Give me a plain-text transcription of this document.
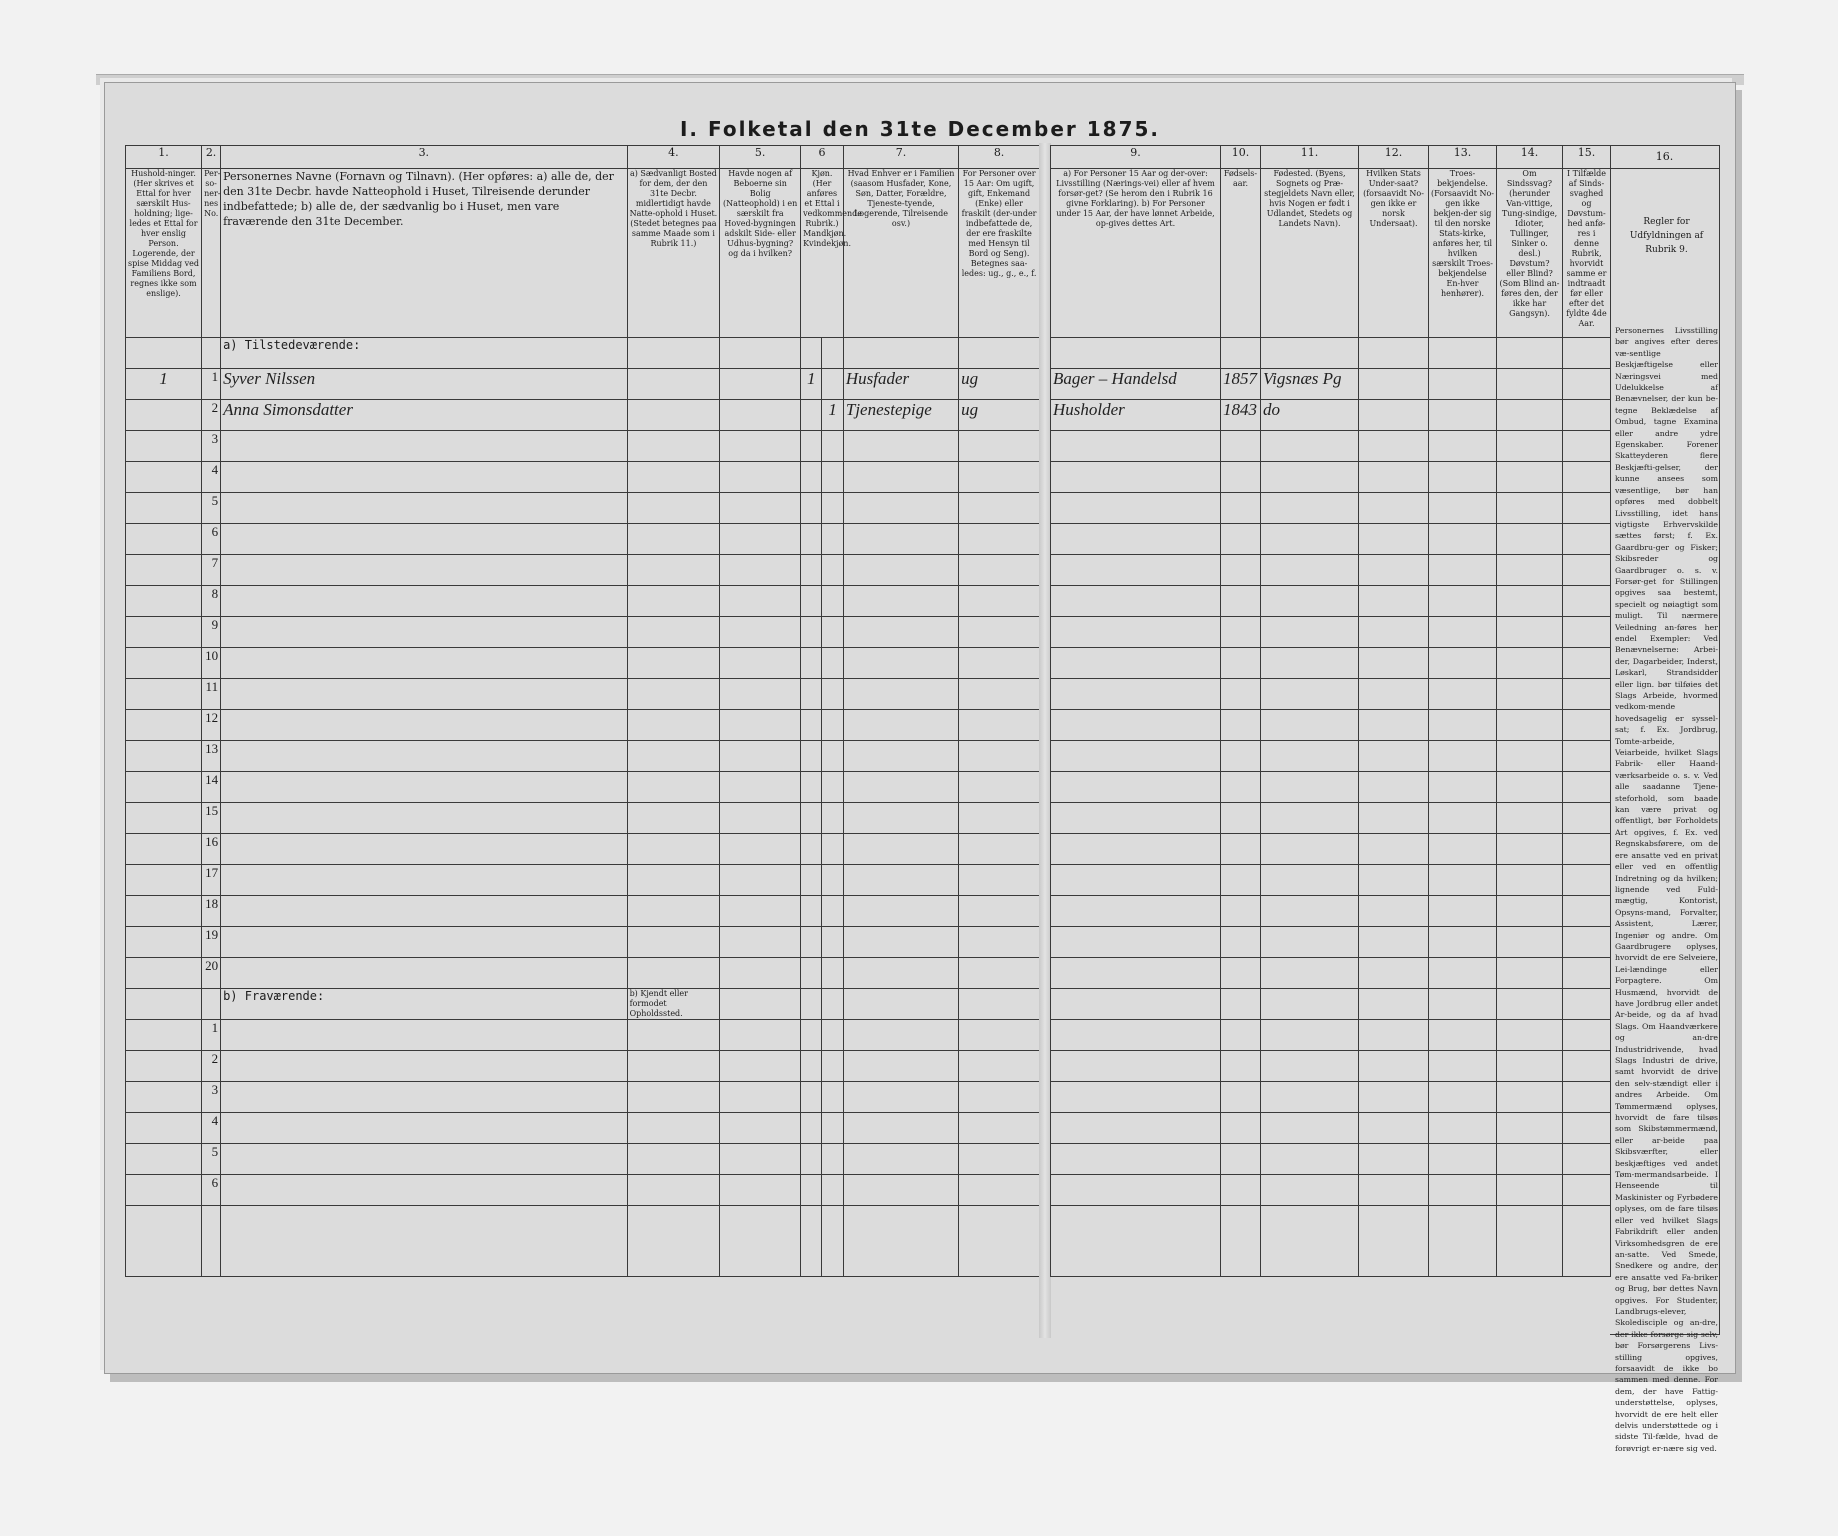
I. Folketal den 31te December 1875.
1.	2.	3.	4.	5.	6		7.	8.
Hushold-ninger. (Her skrives et Ettal for hver særskilt Hus-holdning; lige-ledes et Ettal for hver enslig Person. Logerende, der spise Middag ved Familiens Bord, regnes ikke som enslige).	Per-so-ner-nes No.	Personernes Navne (Fornavn og Tilnavn). (Her opføres: a) alle de, der den 31te Decbr. havde Natteophold i Huset, Tilreisende derunder indbefattede; b) alle de, der sædvanlig bo i Huset, men vare fraværende den 31te December.	a) Sædvanligt Bosted for dem, der den 31te Decbr. midlertidigt havde Natte-ophold i Huset. (Stedet betegnes paa samme Maade som i Rubrik 11.)	Havde nogen af Beboerne sin Bolig (Natteophold) i en særskilt fra Hoved-bygningen adskilt Side- eller Udhus-bygning? og da i hvilken?	Kjøn. (Her anføres et Ettal i vedkommende Rubrik.) Mandkjøn. Kvindekjøn.		Hvad Enhver er i Familien (saasom Husfader, Kone, Søn, Datter, Forældre, Tjeneste-tyende, Logerende, Tilreisende osv.)	For Personer over 15 Aar: Om ugift, gift, Enkemand (Enke) eller fraskilt (der-under indbefattede de, der ere fraskilte med Hensyn til Bord og Seng). Betegnes saa-ledes: ug., g., e., f.
		a) Tilstedeværende:						
1	1	Syver Nilssen			1		Husfader	ug
	2	Anna Simonsdatter				1	Tjenestepige	ug
	3							
	4							
	5							
	6							
	7							
	8							
	9							
	10							
	11							
	12							
	13							
	14							
	15							
	16							
	17							
	18							
	19							
	20							
		b) Fraværende:	b) Kjendt eller formodet Opholdssted.					
	1							
	2							
	3							
	4							
	5							
	6							

9.	10.	11.	12.	13.	14.	15.
a) For Personer 15 Aar og der-over: Livsstilling (Nærings-vei) eller af hvem forsør-get? (Se herom den i Rubrik 16 givne Forklaring). b) For Personer under 15 Aar, der have lønnet Arbeide, op-gives dettes Art.	Fødsels-aar.	Fødested. (Byens, Sognets og Præ-stegjeldets Navn eller, hvis Nogen er født i Udlandet, Stedets og Landets Navn).	Hvilken Stats Under-saat? (forsaavidt No-gen ikke er norsk Undersaat).	Troes-bekjendelse. (Forsaavidt No-gen ikke bekjen-der sig til den norske Stats-kirke, anføres her, til hvilken særskilt Troes-bekjendelse En-hver henhører).	Om Sindssvag? (herunder Van-vittige, Tung-sindige, Idioter, Tullinger, Sinker o. desl.) Døvstum? eller Blind? (Som Blind an-føres den, der ikke har Gangsyn).	I Tilfælde af Sinds-svaghed og Døvstum-hed anfø-res i denne Rubrik, hvorvidt samme er indtraadt før eller efter det fyldte 4de Aar.

Bager – Handelsd	1857	Vigsnæs Pg				
Husholder	1843	do				

16.
Regler for Udfyldningen af Rubrik 9.
Personernes Livsstilling bør angives efter deres væ-sentlige Beskjæftigelse eller Næringsvei med Udelukkelse af Benævnelser, der kun be-tegne Beklædelse af Ombud, tagne Examina eller andre ydre Egenskaber. Forener Skatteyderen flere Beskjæfti-gelser, der kunne ansees som væsentlige, bør han opføres med dobbelt Livsstilling, idet hans vigtigste Erhvervskilde sættes først; f. Ex. Gaardbru-ger og Fisker; Skibsreder og Gaardbruger o. s. v. Forsør-get for Stillingen opgives saa bestemt, specielt og nøiagtigt som muligt. Til nærmere Veiledning an-føres her endel Exempler: Ved Benævnelserne: Arbei-der, Dagarbeider, Inderst, Løskarl, Strandsidder eller lign. bør tilføies det Slags Arbeide, hvormed vedkom-mende hovedsagelig er syssel-sat; f. Ex. Jordbrug, Tomte-arbeide, Veiarbeide, hvilket Slags Fabrik- eller Haand-værksarbeide o. s. v. Ved alle saadanne Tjene-steforhold, som baade kan være privat og offentligt, bør Forholdets Art opgives, f. Ex. ved Regnskabsførere, om de ere ansatte ved en privat eller ved en offentlig Indretning og da hvilken; lignende ved Fuld-mægtig, Kontorist, Opsyns-mand, Forvalter, Assistent, Lærer, Ingeniør og andre. Om Gaardbrugere oplyses, hvorvidt de ere Selveiere, Lei-lændinge eller Forpagtere. Om Husmænd, hvorvidt de have Jordbrug eller andet Ar-beide, og da af hvad Slags. Om Haandværkere og an-dre Industridrivende, hvad Slags Industri de drive, samt hvorvidt de drive den selv-stændigt eller i andres Arbeide. Om Tømmermænd oplyses, hvorvidt de fare tilsøs som Skibstømmermænd, eller ar-beide paa Skibsværfter, eller beskjæftiges ved andet Tøm-mermandsarbeide. I Henseende til Maskinister og Fyrbødere oplyses, om de fare tilsøs eller ved hvilket Slags Fabrikdrift eller anden Virksomhedsgren de ere an-satte. Ved Smede, Snedkere og andre, der ere ansatte ved Fa-briker og Brug, bør dettes Navn opgives. For Studenter, Landbrugs-elever, Skoledisciple og an-dre, der ikke forsørge sig selv, bør Forsørgerens Livs-stilling opgives, forsaavidt de ikke bo sammen med denne. For dem, der have Fattig-understøttelse, oplyses, hvorvidt de ere helt eller delvis understøttede og i sidste Til-fælde, hvad de forøvrigt er-nære sig ved.
